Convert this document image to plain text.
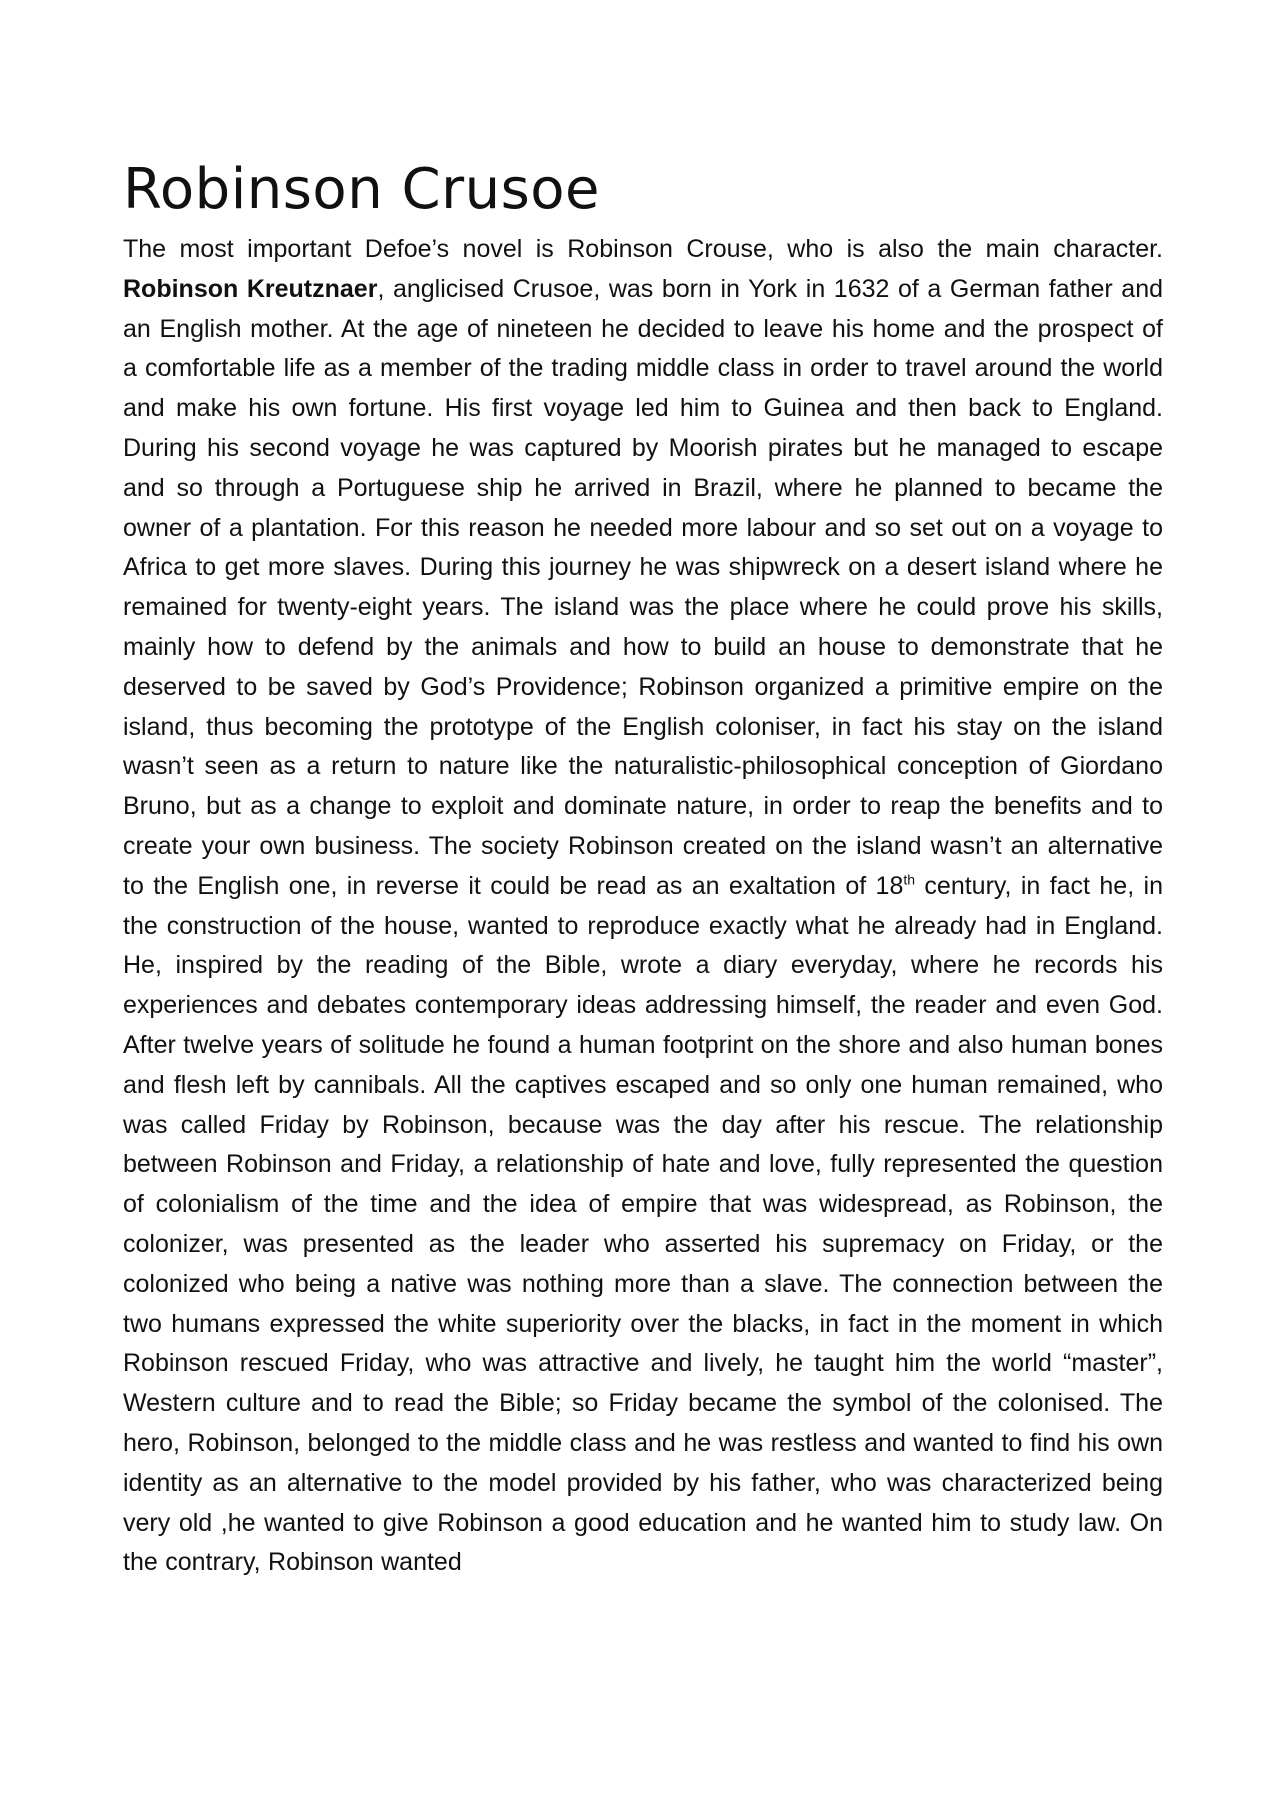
Robinson Crusoe

The most important Defoe’s novel is Robinson Crouse, who is also the main character. Robinson Kreutznaer, anglicised Crusoe, was born in York in 1632 of a German father and an English mother. At the age of nineteen he decided to leave his home and the prospect of a comfortable life as a member of the trading middle class in order to travel around the world and make his own fortune. His first voyage led him to Guinea and then back to England. During his second voyage he was captured by Moorish pirates but he managed to escape and so through a Portuguese ship he arrived in Brazil, where he planned to became the owner of a plantation. For this reason he needed more labour and so set out on a voyage to Africa to get more slaves. During this journey he was shipwreck on a desert island where he remained for twenty-eight years. The island was the place where he could prove his skills, mainly how to defend by the animals and how to build an house to demonstrate that he deserved to be saved by God’s Providence; Robinson organized a primitive empire on the island, thus becoming the prototype of the English coloniser, in fact his stay on the island wasn’t seen as a return to nature like the naturalistic-philosophical conception of Giordano Bruno, but as a change to exploit and dominate nature, in order to reap the benefits and to create your own business. The society Robinson created on the island wasn’t an alternative to the English one, in reverse it could be read as an exaltation of 18th century, in fact he, in the construction of the house, wanted to reproduce exactly what he already had in England. He, inspired by the reading of the Bible, wrote a diary everyday, where he records his experiences and debates contemporary ideas addressing himself, the reader and even God. After twelve years of solitude he found a human footprint on the shore and also human bones and flesh left by cannibals. All the captives escaped and so only one human remained, who was called Friday by Robinson, because was the day after his rescue. The relationship between Robinson and Friday, a relationship of hate and love, fully represented the question of colonialism of the time and the idea of empire that was widespread, as Robinson, the colonizer, was presented as the leader who asserted his supremacy on Friday, or the colonized who being a native was nothing more than a slave. The connection between the two humans expressed the white superiority over the blacks, in fact in the moment in which Robinson rescued Friday, who was attractive and lively, he taught him the world “master”, Western culture and to read the Bible; so Friday became the symbol of the colonised. The hero, Robinson, belonged to the middle class and he was restless and wanted to find his own identity as an alternative to the model provided by his father, who was characterized being very old ,he wanted to give Robinson a good education and he wanted him to study law. On the contrary, Robinson wanted
